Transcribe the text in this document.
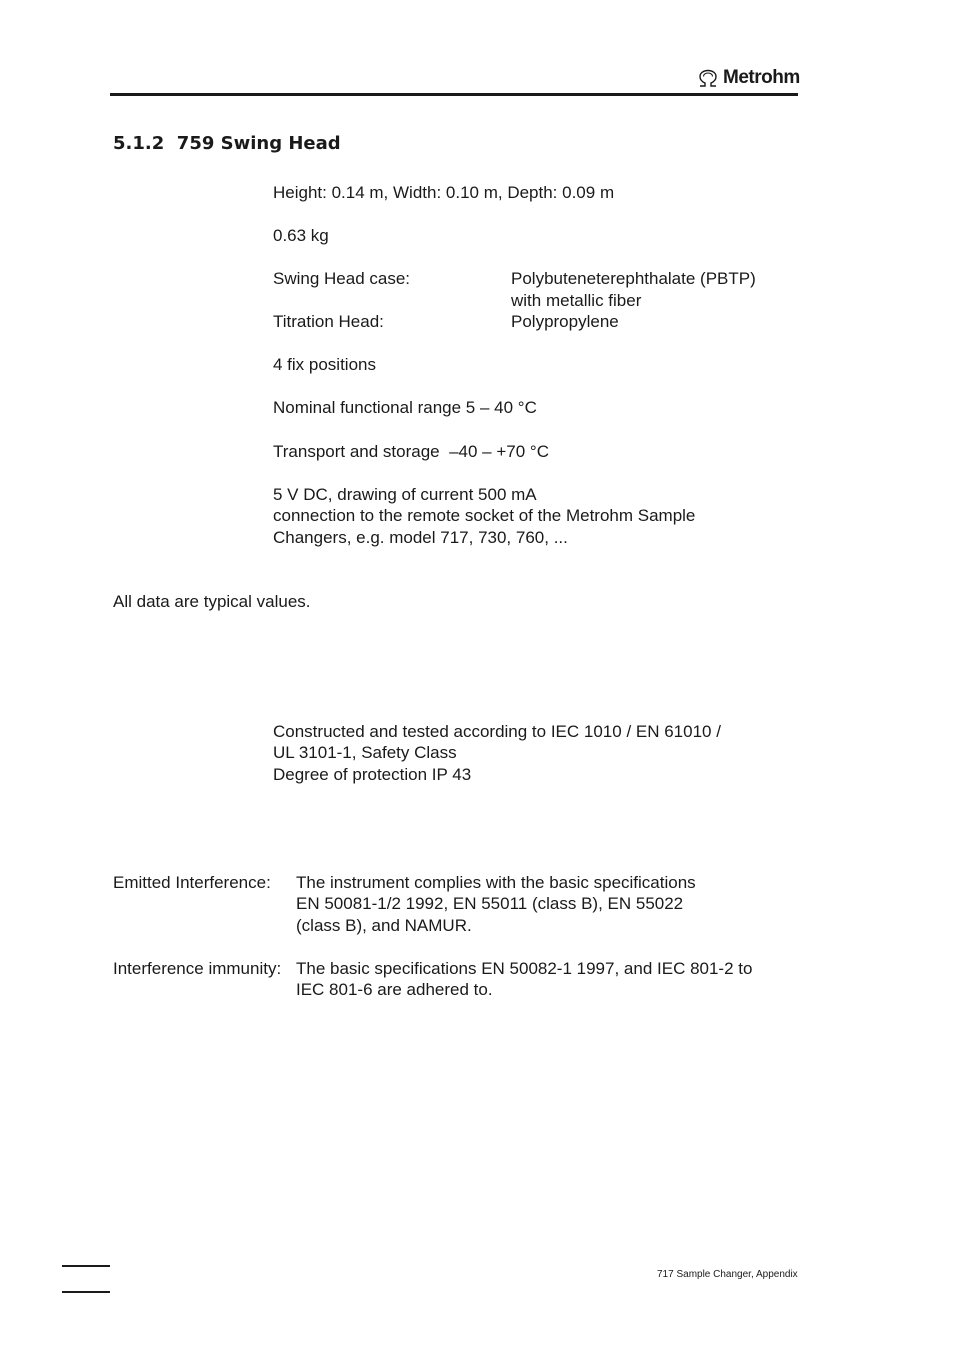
Metrohm
5.1.2 759 Swing Head
Height: 0.14 m, Width: 0.10 m, Depth: 0.09 m
0.63 kg
Swing Head case:	Polybuteneterephthalate (PBTP)
with metallic fiber
Titration Head:	Polypropylene
4 fix positions
Nominal functional range 5 – 40 °C
Transport and storage  –40 – +70 °C
5 V DC, drawing of current 500 mA
connection to the remote socket of the Metrohm Sample
Changers, e.g. model 717, 730, 760, ...
All data are typical values.
Constructed and tested according to IEC 1010 / EN 61010 /
UL 3101-1, Safety Class
Degree of protection IP 43
Emitted Interference: The instrument complies with the basic specifications
EN 50081-1/2 1992, EN 55011 (class B), EN 55022
(class B), and NAMUR.
Interference immunity: The basic specifications EN 50082-1 1997, and IEC 801-2 to
IEC 801-6 are adhered to.
717 Sample Changer, Appendix
